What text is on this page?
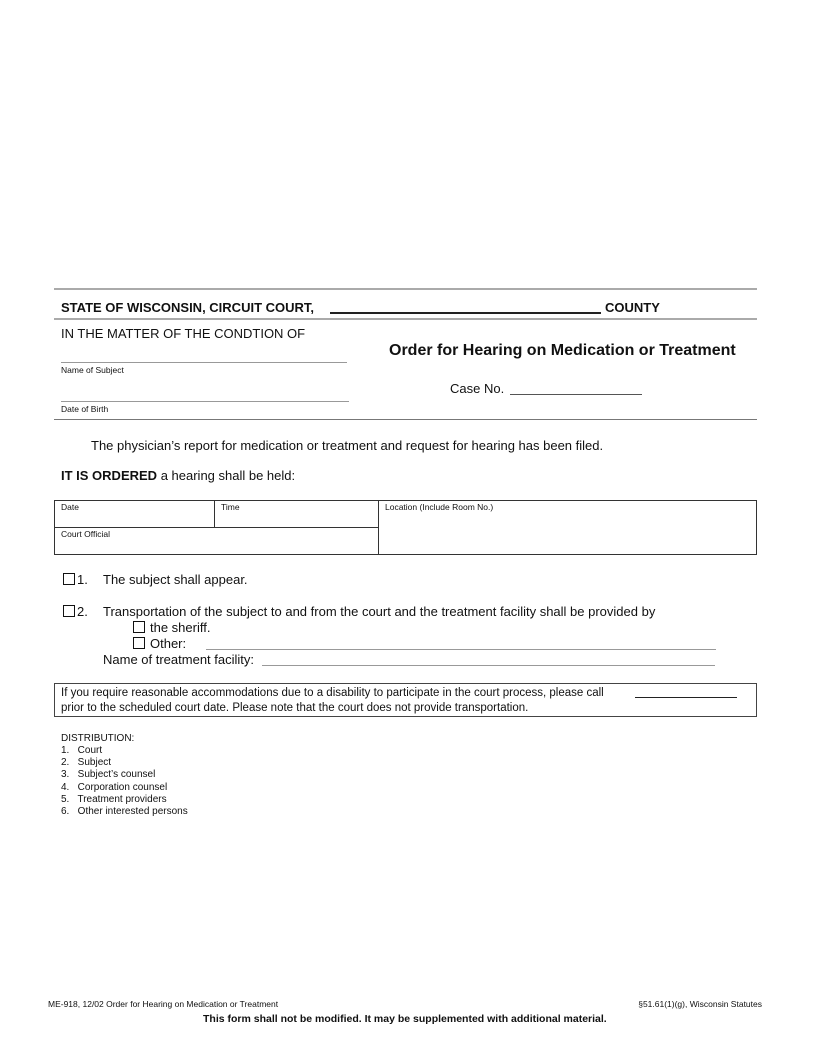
STATE OF WISCONSIN, CIRCUIT COURT,	COUNTY
IN THE MATTER OF THE CONDTION OF
Name of Subject
Date of Birth
Order for Hearing on Medication or Treatment
Case No.
The physician’s report for medication or treatment and request for hearing has been filed.
IT IS ORDERED a hearing shall be held:
Date	Time
Court Official
Location (Include Room No.)
1. The subject shall appear.
2. Transportation of the subject to and from the court and the treatment facility shall be provided by
the sheriff.
Other:
Name of treatment facility:
If you require reasonable accommodations due to a disability to participate in the court process, please call
prior to the scheduled court date. Please note that the court does not provide transportation.
DISTRIBUTION:
1.   Court
2.   Subject
3.   Subject’s counsel
4.   Corporation counsel
5.   Treatment providers
6.   Other interested persons
ME-918, 12/02 Order for Hearing on Medication or Treatment	§51.61(1)(g), Wisconsin Statutes
This form shall not be modified. It may be supplemented with additional material.
